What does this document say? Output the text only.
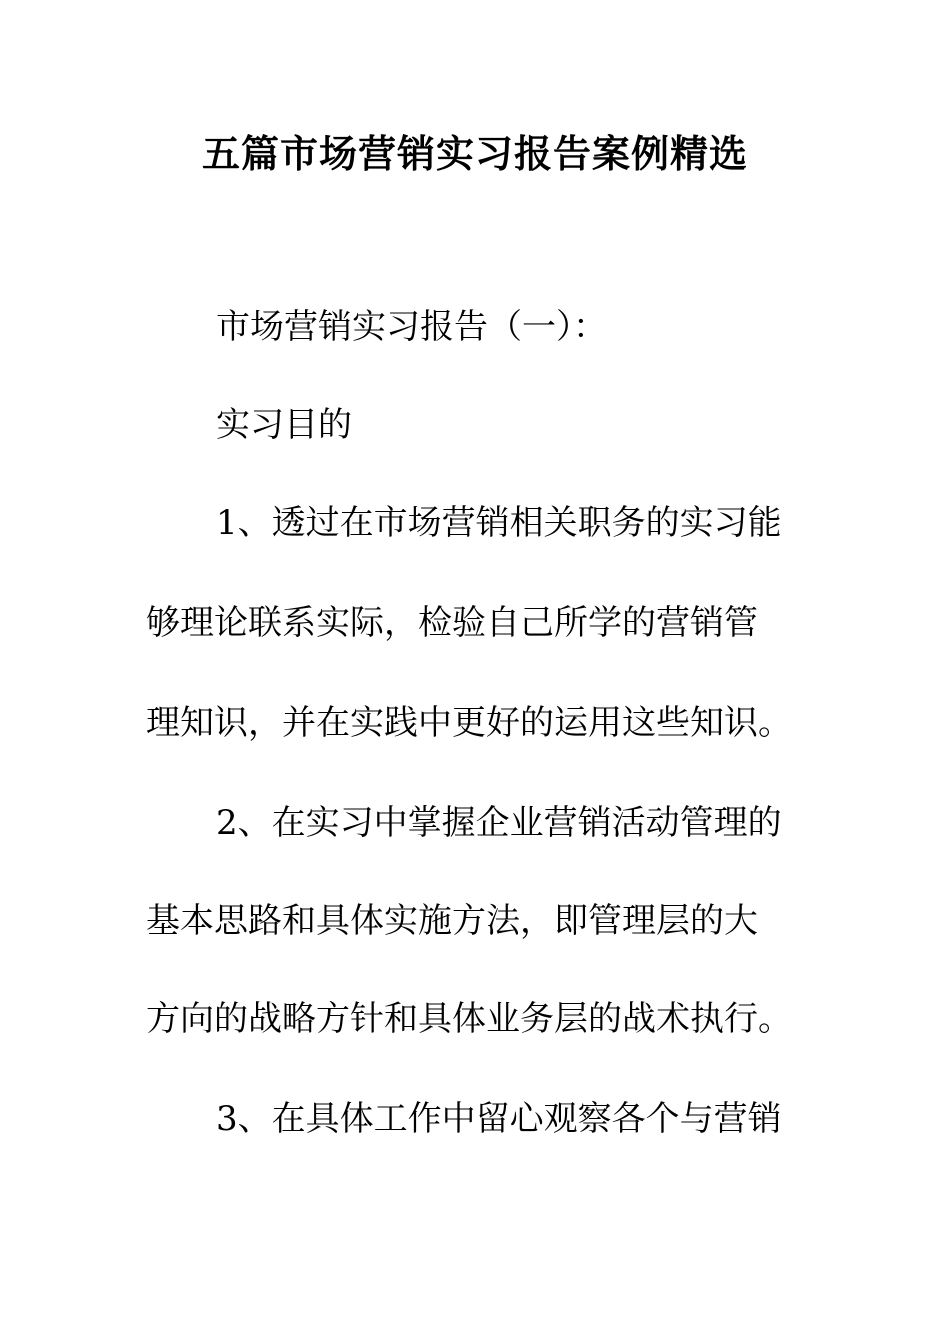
五篇市场营销实习报告案例精选
市场营销实习报告（一）：
实习目的
1、透过在市场营销相关职务的实习能
够理论联系实际，检验自己所学的营销管
理知识，并在实践中更好的运用这些知识。
2、在实习中掌握企业营销活动管理的
基本思路和具体实施方法，即管理层的大
方向的战略方针和具体业务层的战术执行。
3、在具体工作中留心观察各个与营销
